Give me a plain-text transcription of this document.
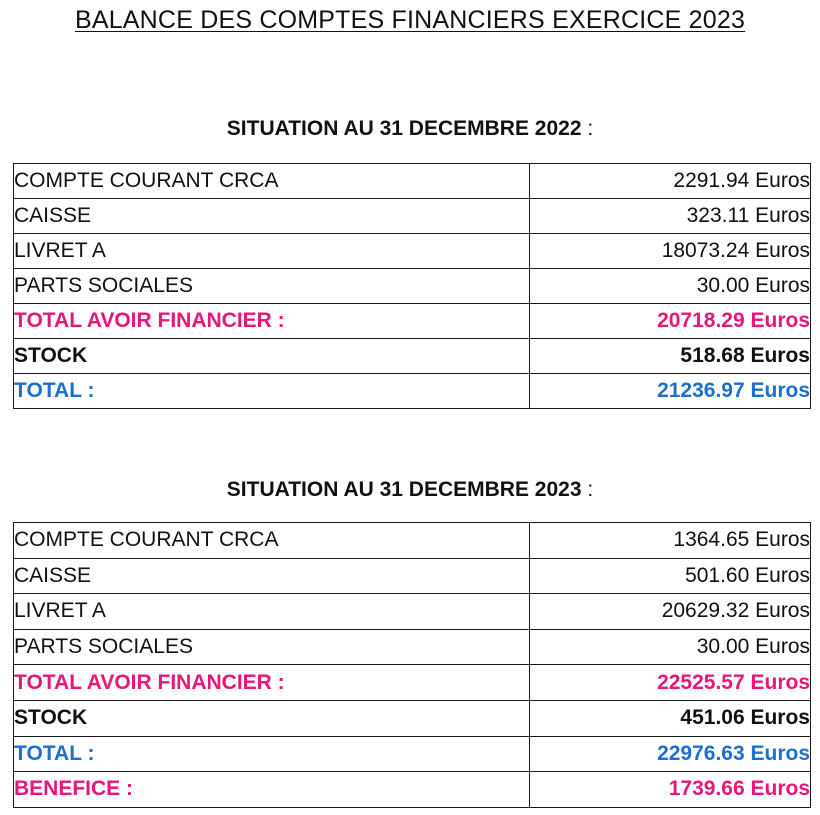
BALANCE DES COMPTES FINANCIERS EXERCICE 2023
SITUATION AU 31 DECEMBRE 2022 :
COMPTE COURANT CRCA	2291.94 Euros
CAISSE	323.11 Euros
LIVRET A	18073.24 Euros
PARTS SOCIALES	30.00 Euros
TOTAL AVOIR FINANCIER :	20718.29 Euros
STOCK	518.68 Euros
TOTAL :	21236.97 Euros
SITUATION AU 31 DECEMBRE 2023 :
COMPTE COURANT CRCA	1364.65 Euros
CAISSE	501.60 Euros
LIVRET A	20629.32 Euros
PARTS SOCIALES	30.00 Euros
TOTAL AVOIR FINANCIER :	22525.57 Euros
STOCK	451.06 Euros
TOTAL :	22976.63 Euros
BENEFICE :	1739.66 Euros
